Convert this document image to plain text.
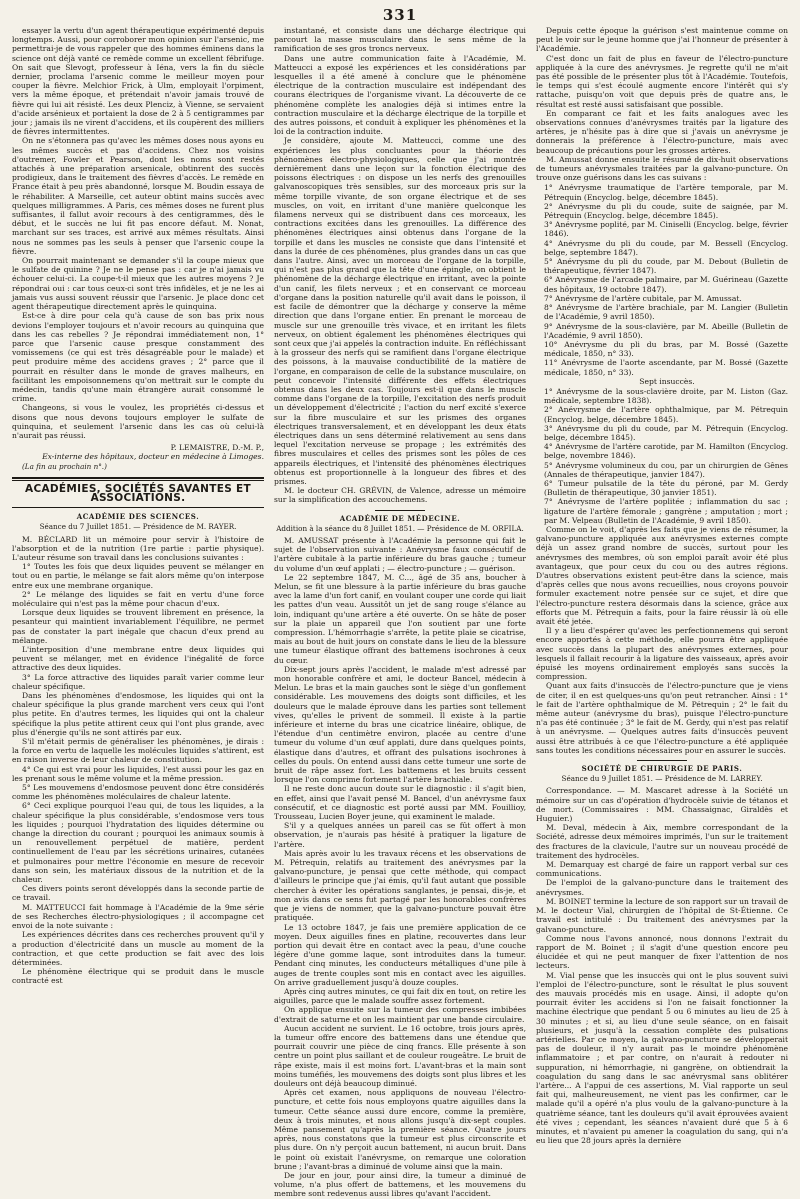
331

essayer la vertu d'un agent thérapeutique expérimenté depuis longtemps. Aussi, pour corroborer mon opinion sur l'arsenic, me permettrai-je de vous rappeler que des hommes éminens dans la science ont déjà vanté ce remède comme un excellent fébrifuge. On sait que Slevogt, professeur à Iéna, vers la fin du siècle dernier, proclama l'arsenic comme le meilleur moyen pour couper la fièvre. Melchior Frick, à Ulm, employait l'orpiment, vers la même époque, et prétendait n'avoir jamais trouvé de fièvre qui lui ait résisté. Les deux Plenciz, à Vienne, se servaient d'acide arsénieux et portaient la dose de 2 à 5 centigrammes par jour ; jamais ils ne virent d'accidens, et ils coupèrent des milliers de fièvres intermittentes.

On ne s'étonnera pas qu'avec les mêmes doses nous ayons eu les mêmes succès et pas d'accidens. Chez nos voisins d'outremer, Fowler et Pearson, dont les noms sont restés attachés à une préparation arsenicale, obtinrent des succès prodigieux, dans le traitement des fièvres d'accès. Le remède en France était à peu près abandonné, lorsque M. Boudin essaya de le réhabiliter. A Marseille, cet auteur obtint mains succès avec quelques milligrammes. A Paris, ces mêmes doses ne furent plus suffisantes, il fallut avoir recours à des centigrammes, dès le début, et le succès ne lui fit pas encore défaut. M. Nonat, marchant sur ses traces, est arrivé aux mêmes résultats. Ainsi nous ne sommes pas les seuls à penser que l'arsenic coupe la fièvre.

On pourrait maintenant se demander s'il la coupe mieux que le sulfate de quinine ? Je ne le pense pas : car je n'ai jamais vu échouer celui-ci. La coupe-t-il mieux que les autres moyens ? Je répondrai oui : car tous ceux-ci sont très infidèles, et je ne les ai jamais vus aussi souvent réussir que l'arsenic. Je place donc cet agent thérapeutique directement après le quinquina.

Est-ce à dire pour cela qu'à cause de son bas prix nous devions l'employer toujours et n'avoir recours au quinquina que dans les cas rebelles ? Je répondrai immédiatement non, 1° parce que l'arsenic cause presque constamment des vomissemens (ce qui est très désagréable pour le malade) et peut produire même des accidens graves ; 2° parce que il pourrait en résulter dans le monde de graves malheurs, en facilitant les empoisonnemens qu'on mettrait sur le compte du médecin, tandis qu'une main étrangère aurait consommé le crime.

Changeons, si vous le voulez, les propriétés ci-dessus et disons que nous devons toujours employer le sulfate de quinquina, et seulement l'arsenic dans les cas où celui-là n'aurait pas réussi.

P. LEMAISTRE, D.-M. P.,
Ex-interne des hôpitaux, docteur en médecine à Limoges.

(La fin au prochain n°.)

ACADÉMIES, SOCIÉTÉS SAVANTES ET ASSOCIATIONS.
ACADÉMIE DES SCIENCES.
Séance du 7 Juillet 1851. — Présidence de M. RAYER.

M. BÉCLARD lit un mémoire pour servir à l'histoire de l'absorption et de la nutrition (1re partie : partie physique). L'auteur résume son travail dans les conclusions suivantes :

1° Toutes les fois que deux liquides peuvent se mélanger en tout ou en partie, le mélange se fait alors même qu'on interpose entre eux une membrane organique.

2° Le mélange des liquides se fait en vertu d'une force moléculaire qui n'est pas la même pour chacun d'eux.

Lorsque deux liquides se trouvent librement en présence, la pesanteur qui maintient invariablement l'équilibre, ne permet pas de constater la part inégale que chacun d'eux prend au mélange.

L'interposition d'une membrane entre deux liquides qui peuvent se mélanger, met en évidence l'inégalité de force attractive des deux liquides.

3° La force attractive des liquides paraît varier comme leur chaleur spécifique.

Dans les phénomènes d'endosmose, les liquides qui ont la chaleur spécifique la plus grande marchent vers ceux qui l'ont plus petite. En d'autres termes, les liquides qui ont la chaleur spécifique la plus petite attirent ceux qui l'ont plus grande, avec plus d'énergie qu'ils ne sont attirés par eux.

S'il m'était permis de généraliser les phénomènes, je dirais : la force en vertu de laquelle les molécules liquides s'attirent, est en raison inverse de leur chaleur de constitution.

4° Ce qui est vrai pour les liquides, l'est aussi pour les gaz en les prenant sous le même volume et la même pression.

5° Les mouvemens d'endosmose peuvent donc être considérés comme les phénomènes moléculaires de chaleur latente.

6° Ceci explique pourquoi l'eau qui, de tous les liquides, a la chaleur spécifique la plus considérable, s'endosmose vers tous les liquides ; pourquoi l'hydratation des liquides détermine ou change la direction du courant ; pourquoi les animaux soumis à un renouvellement perpétuel de matière, perdent continuellement de l'eau par les sécrétions urinaires, cutanées et pulmonaires pour mettre l'économie en mesure de recevoir dans son sein, les matériaux dissous de la nutrition et de la chaleur.

Ces divers points seront développés dans la seconde partie de ce travail.

M. MATTEUCCI fait hommage à l'Académie de la 9me série de ses Recherches électro-physiologiques ; il accompagne cet envoi de la note suivante :

Les expériences décrites dans ces recherches prouvent qu'il y a production d'électricité dans un muscle au moment de la contraction, et que cette production se fait avec des lois déterminées.

Le phénomène électrique qui se produit dans le muscle contracté est

instantané, et consiste dans une décharge électrique qui parcourt la masse musculaire dans le sens même de la ramification de ses gros troncs nerveux.

Dans une autre communication faite à l'Académie, M. Matteucci a exposé les expériences et les considérations par lesquelles il a été amené à conclure que le phénomène électrique de la contraction musculaire est indépendant des courans électriques de l'organisme vivant. La découverte de ce phénomène complète les analogies déjà si intimes entre la contraction musculaire et la décharge électrique de la torpille et des autres poissons, et conduit à expliquer les phénomènes et la loi de la contraction induite.

Je considère, ajoute M. Matteucci, comme une des expériences les plus concluantes pour la théorie des phénomènes électro-physiologiques, celle que j'ai montrée dernièrement dans une leçon sur la fonction électrique des poissons électriques : on dispose un les nerfs des grenouilles galvanoscopiques très sensibles, sur des morceaux pris sur la même torpille vivante, de son organe électrique et de ses muscles, on voit, en irritant d'une manière quelconque les filamens nerveux qui se distribuent dans ces morceaux, les contractions excitées dans les grenouilles. La différence des phénomènes électriques ainsi obtenus dans l'organe de la torpille et dans les muscles ne consiste que dans l'intensité et dans la durée de ces phénomènes, plus grandes dans un cas que dans l'autre. Ainsi, avec un morceau de l'organe de la torpille, qui n'est pas plus grand que la tête d'une épingle, on obtient le phénomène de la décharge électrique en irritant, avec la pointe d'un canif, les filets nerveux ; et en conservant ce morceau d'organe dans la position naturelle qu'il avait dans le poisson, il est facile de démontrer que la décharge y conserve la même direction que dans l'organe entier. En prenant le morceau de muscle sur une grenouille très vivace, et en irritant les filets nerveux, on obtient également les phénomènes électriques qui sont ceux que j'ai appelés la contraction induite. En réfléchissant à la grosseur des nerfs qui se ramifient dans l'organe électrique des poissons, à la mauvaise conductibilité de la matière de l'organe, en comparaison de celle de la substance musculaire, on peut concevoir l'intensité différente des effets électriques obtenus dans les deux cas. Toujours est-il que dans le muscle comme dans l'organe de la torpille, l'excitation des nerfs produit un développement d'électricité ; l'action du nerf excité s'exerce sur la fibre musculaire et sur les prismes des organes électriques transversalement, et en développant les deux états électriques dans un sens déterminé relativement au sens dans lequel l'excitation nerveuse se propage ; les extrémités des fibres musculaires et celles des prismes sont les pôles de ces appareils électriques, et l'intensité des phénomènes électriques obtenus est proportionnelle à la longueur des fibres et des prismes.

M. le docteur CH. GRÉVIN, de Valence, adresse un mémoire sur la simplification des accouchemens.

ACADÉMIE DE MÉDECINE.
Addition à la séance du 8 Juillet 1851. — Présidence de M. ORFILA.

M. AMUSSAT présente à l'Académie la personne qui fait le sujet de l'observation suivante : Anévrysme faux consécutif de l'artère cubitale à la partie inférieure du bras gauche ; tumeur du volume d'un œuf applati ; — électro-puncture ; — guérison.

Le 22 septembre 1847, M. C..., âgé de 35 ans, boucher à Melun, se fit une blessure à la partie inférieure du bras gauche avec la lame d'un fort canif, en voulant couper une corde qui liait les pattes d'un veau. Aussitôt un jet de sang rouge s'élance au loin, indiquant qu'une artère a été ouverte. On se hâte de poser sur la plaie un appareil que l'on soutient par une forte compression. L'hémorrhagie s'arrête, la petite plaie se cicatrise, mais au bout de huit jours on constate dans le lieu de la blessure une tumeur élastique offrant des battemens isochrones à ceux du cœur.

Dix-sept jours après l'accident, le malade m'est adressé par mon honorable confrère et ami, le docteur Bancel, médecin à Melun. Le bras et la main gauches sont le siège d'un gonflement considérable. Les mouvemens des doigts sont difficiles, et les douleurs que le malade éprouve dans les parties sont tellement vives, qu'elles le privent de sommeil. Il existe à la partie inférieure et interne du bras une cicatrice linéaire, oblique, de l'étendue d'un centimètre environ, placée au centre d'une tumeur du volume d'un œuf applati, dure dans quelques points, élastique dans d'autres, et offrant des pulsations isochrones à celles du pouls. On entend aussi dans cette tumeur une sorte de bruit de râpe assez fort. Les battemens et les bruits cessent lorsque l'on comprime fortement l'artère brachiale.

Il ne reste donc aucun doute sur le diagnostic : il s'agit bien, en effet, ainsi que l'avait pensé M. Bancel, d'un anévrysme faux consécutif, et ce diagnostic est porté aussi par MM. Fouillioy, Trousseau, Lucien Boyer jeune, qui examinent le malade.

S'il y a quelques années un pareil cas se fût offert à mon observation, je n'aurais pas hésité à pratiquer la ligature de l'artère.

Mais après avoir lu les travaux récens et les observations de M. Pétrequin, relatifs au traitement des anévrysmes par la galvano-puncture, je pensai que cette méthode, qui compact d'ailleurs le principe que j'ai émis, qu'il faut autant que possible chercher à éviter les opérations sanglantes, je pensai, dis-je, et mon avis dans ce sens fut partagé par les honorables confrères que je viens de nommer, que la galvano-puncture pouvait être pratiquée.

Le 13 octobre 1847, je fais une première application de ce moyen. Deux aiguilles fines en platine, recouvertes dans leur portion qui devait être en contact avec la peau, d'une couche légère d'une gomme laque, sont introduites dans la tumeur. Pendant cinq minutes, les conducteurs métalliques d'une pile à auges de trente couples sont mis en contact avec les aiguilles. On arrive graduellement jusqu'à douze couples.

Après cinq autres minutes, ce qui fait dix en tout, on retire les aiguilles, parce que le malade souffre assez fortement.

On applique ensuite sur la tumeur des compresses imbibées d'extrait de saturne et on les maintient par une bande circulaire.

Aucun accident ne survient. Le 16 octobre, trois jours après, la tumeur offre encore des battemens dans une étendue que pourrait couvrir une pièce de cinq francs. Elle présente à son centre un point plus saillant et de couleur rougeâtre. Le bruit de râpe existe, mais il est moins fort. L'avant-bras et la main sont moins tuméfiés, les mouvemens des doigts sont plus libres et les douleurs ont déjà beaucoup diminué.

Après cet examen, nous appliquons de nouveau l'électro-puncture, et cette fois nous employons quatre aiguilles dans la tumeur. Cette séance aussi dure encore, comme la première, deux à trois minutes, et nous allons jusqu'à dix-sept couples. Même pansement qu'après la première séance. Quatre jours après, nous constatons que la tumeur est plus circonscrite et plus dure. On n'y perçoit aucun battement, ni aucun bruit. Dans le point où existait l'anévrysme, on remarque une coloration brune ; l'avant-bras a diminué de volume ainsi que la main.

De jour en jour, pour ainsi dire, la tumeur a diminué de volume, n'a plus offert de battemens, et les mouvemens du membre sont redevenus aussi libres qu'avant l'accident.

Depuis cette époque la guérison s'est maintenue comme on peut le voir sur le jeune homme que j'ai l'honneur de présenter à l'Académie.

C'est donc un fait de plus en faveur de l'électro-puncture appliquée à la cure des anévrysmes. Je regrette qu'il ne m'ait pas été possible de le présenter plus tôt à l'Académie. Toutefois, le temps qui s'est écoulé augmente encore l'intérêt qui s'y rattache, puisqu'on voit que depuis près de quatre ans, le résultat est resté aussi satisfaisant que possible.

En comparant ce fait et les faits analogues avec les observations connues d'anévrysmes traités par la ligature des artères, je n'hésite pas à dire que si j'avais un anévrysme je donnerais la préférence à l'électro-puncture, mais avec beaucoup de précautions pour les grosses artères.

M. Amussat donne ensuite le résumé de dix-huit observations de tumeurs anévrysmales traitées par la galvano-puncture. On trouve onze guérisons dans les cas suivans :

1° Anévrysme traumatique de l'artère temporale, par M. Pétrequin (Encyclog. belge, décembre 1845).
2° Anévrysme du pli du coude, suite de saignée, par M. Pétrequin (Encyclog. belge, décembre 1845).
3° Anévrysme poplité, par M. Ciniselli (Encyclog. belge, février 1846).
4° Anévrysme du pli du coude, par M. Bessell (Encyclog. belge, septembre 1847).
5° Anévrysme du pli du coude, par M. Debout (Bulletin de thérapeutique, février 1847).
6° Anévrysme de l'arcade palmaire, par M. Guérineau (Gazette des hôpitaux, 19 octobre 1847).
7° Anévrysme de l'artère cubitale, par M. Amussat.
8° Anévrysme de l'artère brachiale, par M. Langier (Bulletin de l'Académie, 9 avril 1850).
9° Anévrysme de la sous-clavière, par M. Abeille (Bulletin de l'Académie, 9 avril 1850).
10° Anévrysme du pli du bras, par M. Bossé (Gazette médicale, 1850, n° 33).
11° Anévrysme de l'aorte ascendante, par M. Bossé (Gazette médicale, 1850, n° 33).

Sept insuccès.

1° Anévrysme de la sous-clavière droite, par M. Liston (Gaz. médicale, septembre 1838).
2° Anévrysme de l'artère ophthalmique, par M. Pétrequin (Encyclog. belge, décembre 1845).
3° Anévrysme du pli du coude, par M. Pétrequin (Encyclog. belge, décembre 1845).
4° Anévrysme de l'artère carotide, par M. Hamilton (Encyclog. belge, novembre 1846).
5° Anévrysme volumineux du cou, par un chirurgien de Gênes (Annales de thérapeutique, janvier 1847).
6° Tumeur pulsatile de la tête du péroné, par M. Gerdy (Bulletin de thérapeutique, 30 janvier 1851).
7° Anévrysme de l'artère poplitée ; inflammation du sac ; ligature de l'artère fémorale ; gangrène ; amputation ; mort ; par M. Velpeau (Bulletin de l'Académie, 9 avril 1850).

Comme on le voit, d'après les faits que je viens de résumer, la galvano-puncture appliquée aux anévrysmes externes compte déjà un assez grand nombre de succès, surtout pour les anévrysmes des membres, où son emploi paraît avoir été plus avantageux, que pour ceux du cou ou des autres régions. D'autres observations existent peut-être dans la science, mais d'après celles que nous avons recueillies, nous croyons pouvoir formuler exactement notre pensée sur ce sujet, et dire que l'électro-puncture restera désormais dans la science, grâce aux efforts que M. Pétrequin a faits, pour la faire réussir là où elle avait été jetée.

Il y a lieu d'espérer qu'avec les perfectionnemens qui seront encore apportés à cette méthode, elle pourra être appliquée avec succès dans la plupart des anévrysmes externes, pour lesquels il fallait recourir à la ligature des vaisseaux, après avoir épuisé les moyens ordinairement employés sans succès la compression.

Quant aux faits d'insuccès de l'électro-puncture que je viens de citer, il en est quelques-uns qu'on peut retrancher. Ainsi : 1° le fait de l'artère ophthalmique de M. Pétrequin ; 2° le fait du même auteur (anévrysme du bras), puisque l'électro-puncture n'a pas été continuée ; 3° le fait de M. Gerdy, qui n'est pas relatif à un anévrysme. — Quelques autres faits d'insuccès peuvent aussi être attribués à ce que l'électro-puncture a été appliquée sans toutes les conditions nécessaires pour en assurer le succès.

SOCIÉTÉ DE CHIRURGIE DE PARIS.
Séance du 9 Juillet 1851. — Présidence de M. LARREY.

Correspondance. — M. Mascaret adresse à la Société un mémoire sur un cas d'opération d'hydrocèle suivie de tétanos et de mort. (Commissaires : MM. Chassaignac, Giraldès et Huguier.)

M. Deval, médecin à Aix, membre correspondant de la Société, adresse deux mémoires imprimés, l'un sur le traitement des fractures de la clavicule, l'autre sur un nouveau procédé de traitement des hydrocèles.

M. Demarquay est chargé de faire un rapport verbal sur ces communications.

De l'emploi de la galvano-puncture dans le traitement des anévrysmes.

M. BOINET termine la lecture de son rapport sur un travail de M. le docteur Vial, chirurgien de l'hôpital de St-Étienne. Ce travail est intitulé : Du traitement des anévrysmes par la galvano-puncture.

Comme nous l'avons annoncé, nous donnons l'extrait du rapport de M. Boinet ; il s'agit d'une question encore peu élucidée et qui ne peut manquer de fixer l'attention de nos lecteurs.

M. Vial pense que les insuccès qui ont le plus souvent suivi l'emploi de l'électro-puncture, sont le résultat le plus souvent des mauvais procédés mis en usage. Ainsi, il adopte qu'on pourrait éviter les accidens si l'on ne faisait fonctionner la machine électrique que pendant 5 ou 6 minutes au lieu de 25 à 30 minutes ; et si, au lieu d'une seule séance, on en faisait plusieurs, et jusqu'à la cessation complète des pulsations artérielles. Par ce moyen, la galvano-puncture se développerait pas de douleur, il n'y aurait pas le moindre phénomène inflammatoire ; et par contre, on n'aurait à redouter ni suppuration, ni hémorrhagie, ni gangrène, on obtiendrait la coagulation du sang dans le sac anévrysmal sans oblitérer l'artère... A l'appui de ces assertions, M. Vial rapporte un seul fait qui, malheureusement, ne vient pas les confirmer, car le malade qu'il a opéré n'a plus voulu de la galvano-puncture à la quatrième séance, tant les douleurs qu'il avait éprouvées avaient été vives ; cependant, les séances n'avaient duré que 5 à 6 minutes, et n'avaient pu amener la coagulation du sang, qui n'a eu lieu que 28 jours après la dernière
